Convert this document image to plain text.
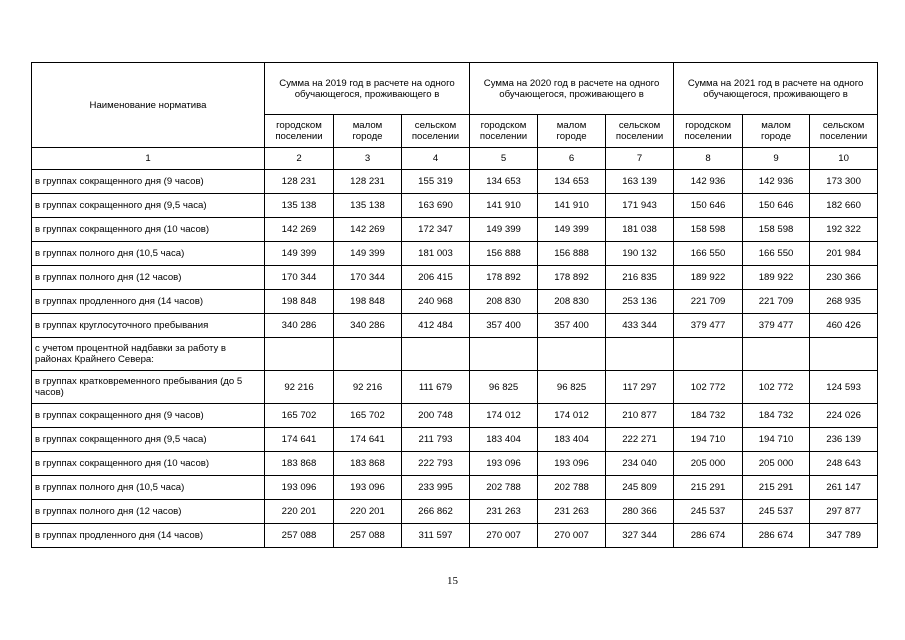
Наименование норматива	Сумма на 2019 год в расчете на одного обучающегося, проживающего в			Сумма на 2020 год в расчете на одного обучающегося, проживающего в			Сумма на 2021 год в расчете на одного обучающегося, проживающего в		
	городском поселении	малом городе	сельском поселении	городском поселении	малом городе	сельском поселении	городском поселении	малом городе	сельском поселении
1	2	3	4	5	6	7	8	9	10
в группах сокращенного дня (9 часов)	128 231	128 231	155 319	134 653	134 653	163 139	142 936	142 936	173 300
в группах сокращенного дня (9,5 часа)	135 138	135 138	163 690	141 910	141 910	171 943	150 646	150 646	182 660
в группах сокращенного дня (10 часов)	142 269	142 269	172 347	149 399	149 399	181 038	158 598	158 598	192 322
в группах полного дня (10,5 часа)	149 399	149 399	181 003	156 888	156 888	190 132	166 550	166 550	201 984
в группах полного дня (12 часов)	170 344	170 344	206 415	178 892	178 892	216 835	189 922	189 922	230 366
в группах продленного дня (14 часов)	198 848	198 848	240 968	208 830	208 830	253 136	221 709	221 709	268 935
в группах круглосуточного пребывания	340 286	340 286	412 484	357 400	357 400	433 344	379 477	379 477	460 426
с учетом процентной надбавки за работу в районах Крайнего Севера:									
в группах кратковременного пребывания (до 5 часов)	92 216	92 216	111 679	96 825	96 825	117 297	102 772	102 772	124 593
в группах сокращенного дня (9 часов)	165 702	165 702	200 748	174 012	174 012	210 877	184 732	184 732	224 026
в группах сокращенного дня (9,5 часа)	174 641	174 641	211 793	183 404	183 404	222 271	194 710	194 710	236 139
в группах сокращенного дня (10 часов)	183 868	183 868	222 793	193 096	193 096	234 040	205 000	205 000	248 643
в группах полного дня (10,5 часа)	193 096	193 096	233 995	202 788	202 788	245 809	215 291	215 291	261 147
в группах полного дня (12 часов)	220 201	220 201	266 862	231 263	231 263	280 366	245 537	245 537	297 877
в группах продленного дня (14 часов)	257 088	257 088	311 597	270 007	270 007	327 344	286 674	286 674	347 789
15
